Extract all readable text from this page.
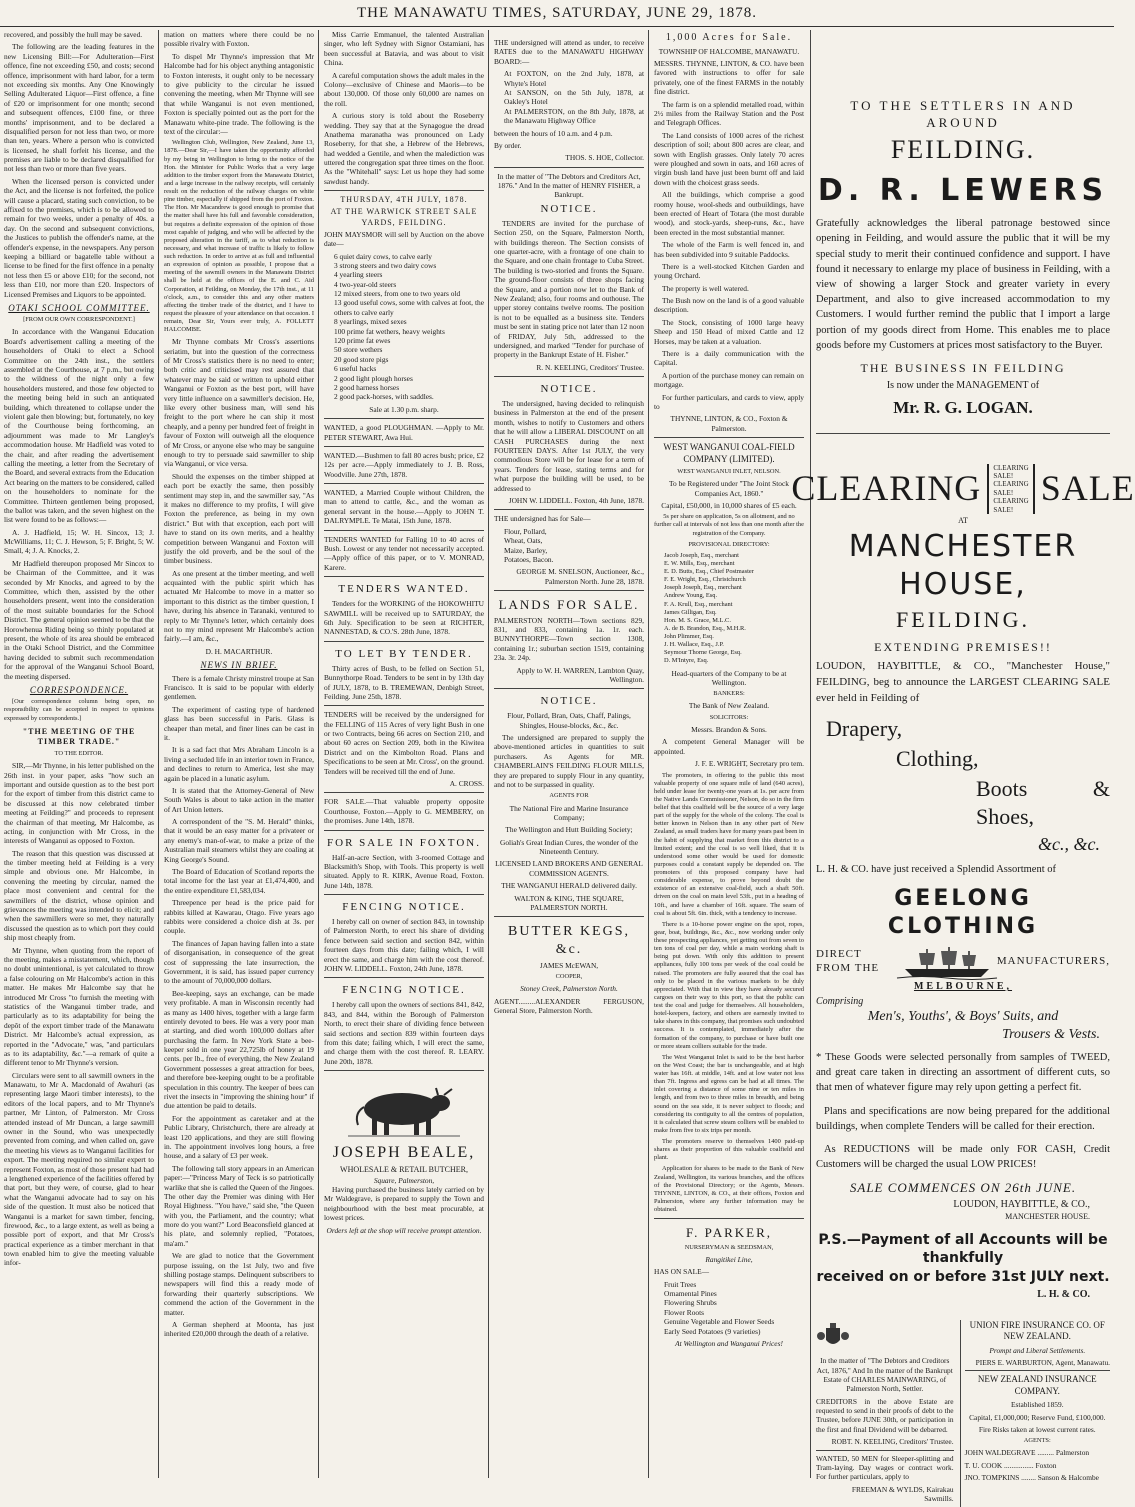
THE MANAWATU TIMES, SATURDAY, JUNE 29, 1878.

recovered, and possibly the hull may be saved.

The following are the leading features in the new Licensing Bill:—For Adulteration—First offence, fine not exceeding £50, and costs; second offence, imprisonment with hard labor, for a term not exceeding six months. Any One Knowingly Selling Adulterated Liquor—First offence, a fine of £20 or imprisonment for one month; second and subsequent offences, £100 fine, or three months' imprisonment, and to be declared a disqualified person for not less than two, or more than ten, years. Where a person who is convicted is licensed, he shall forfeit his license, and the premises are liable to be declared disqualified for not less than two or more than five years.

When the licensed person is convicted under the Act, and the license is not forfeited, the police will cause a placard, stating such conviction, to be affixed to the premises, which is to be allowed to remain for two weeks, under a penalty of 40s. a day. On the second and subsequent convictions, the Justices to publish the offender's name, at the offender's expense, in the newspapers. Any person keeping a billiard or bagatelle table without a license to be fined for the first offence in a penalty not less then £5 or above £10; for the second, not less than £10, nor more than £20. Inspectors of Licensed Premises and Liquors to be appointed.

OTAKI SCHOOL COMMITTEE.

[FROM OUR OWN CORRESPONDENT.]

In accordance with the Wanganui Education Board's advertisement calling a meeting of the householders of Otaki to elect a School Committee on the 24th inst., the settlers assembled at the Courthouse, at 7 p.m., but owing to the wildness of the night only a few householders mustered, and those few objected to the meeting being held in such an antiquated building, which threatened to collapse under the violent gale then blowing; but, fortunately, no key of the Courthouse being forthcoming, an adjournment was made to Mr Langley's accommodation house. Mr Hadfield was voted to the chair, and after reading the advertisement calling the meeting, a letter from the Secretary of the Board, and several extracts from the Education Act bearing on the matters to be considered, called on the householders to nominate for the Committee. Thirteen gentlemen being proposed, the ballot was taken, and the seven highest on the list were found to be as follows:—

A. J. Hadfield, 15; W. H. Sincox, 13; J. McWilliams, 11; C. J. Hewson, 5; F. Bright, 5; W. Small, 4; J. A. Knocks, 2.

Mr Hadfield thereupon proposed Mr Sincox to be Chairman of the Committee, and it was seconded by Mr Knocks, and agreed to by the Committee, which then, assisted by the other householders present, went into the consideration of the most suitable boundaries for the School District. The general opinion seemed to be that the Horowhenua Riding being so thinly populated at present, the whole of its area should be embraced in the Otaki School District, and the Committee having decided to submit such recommendation for the approval of the Wanganui School Board, the meeting dispersed.

CORRESPONDENCE.

[Our correspondence column being open, no responsibility can be accepted in respect to opinions expressed by correspondents.]

"THE MEETING OF THE TIMBER TRADE."

TO THE EDITOR.

SIR,—Mr Thynne, in his letter published on the 26th inst. in your paper, asks "how such an important and outside question as to the best port for the export of timber from this district came to be discussed at this now celebrated timber meeting at Feilding?" and proceeds to represent the chairman of that meeting, Mr Halcombe, as acting, in conjunction with Mr Cross, in the interests of Wanganui as opposed to Foxton.

The reason that this question was discussed at the timber meeting held at Feilding is a very simple and obvious one. Mr Halcombe, in convening the meeting by circular, named the place most convenient and central for the sawmillers of the district, whose opinion and grievances the meeting was intended to elicit; and when the sawmillers were so met, they naturally discussed the question as to which port they could ship most cheaply from.

Mr Thynne, when quoting from the report of the meeting, makes a misstatement, which, though no doubt unintentional, is yet calculated to throw a false colouring on Mr Halcombe's action in this matter. He makes Mr Halcombe say that he introduced Mr Cross "to furnish the meeting with statistics of the Wanganui timber trade, and particularly as to its adaptability for being the depôt of the export timber trade of the Manawatu District. Mr Halcombe's actual expression, as reported in the "Advocate," was, "and particulars as to its adaptability, &c."—a remark of quite a different tenor to Mr Thynne's version.

Circulars were sent to all sawmill owners in the Manawatu, to Mr A. Macdonald of Awahuri (as representing large Maori timber interests), to the editors of the local papers, and to Mr Thynne's partner, Mr Linton, of Palmerston. Mr Cross attended instead of Mr Duncan, a large sawmill owner in the Sound, who was unexpectedly prevented from coming, and when called on, gave the meeting his views as to Wanganui facilities for export. The meeting required no similar expert to represent Foxton, as most of those present had had a lengthened experience of the facilities offered by that port, but they were, of course, glad to hear what the Wanganui advocate had to say on his side of the question. It must also be noticed that Wanganui is a market for sawn timber, fencing, firewood, &c., to a large extent, as well as being a possible port of export, and that Mr Cross's practical experience as a timber merchant in that town enabled him to give the meeting valuable infor-

mation on matters where there could be no possible rivalry with Foxton.

To dispel Mr Thynne's impression that Mr Halcombe had for his object anything antagonistic to Foxton interests, it ought only to be necessary to give publicity to the circular he issued convening the meeting, when Mr Thynne will see that while Wanganui is not even mentioned, Foxton is specially pointed out as the port for the Manawatu white-pine trade. The following is the text of the circular:—

Wellington Club, Wellington, New Zealand, June 13, 1878.—Dear Sir,—I have taken the opportunity afforded by my being in Wellington to bring to the notice of the Hon. the Minister for Public Works that a very large addition to the timber export from the Manawatu District, and a large increase in the railway receipts, will certainly result on the reduction of the railway charges on white pine timber, especially if shipped from the port of Foxton. The Hon. Mr Macandrew is good enough to promise that the matter shall have his full and favorable consideration, but requires a definite expression of the opinion of those most capable of judging, and who will be affected by the proposed alteration in the tariff, as to what reduction is necessary, and what increase of traffic is likely to follow such reduction. In order to arrive at as full and influential an expression of opinion as possible, I propose that a meeting of the sawmill owners in the Manawatu District shall be held at the offices of the E. and C. Aid Corporation, at Feilding, on Monday, the 17th inst., at 11 o'clock, a.m., to consider this and any other matters affecting the timber trade of the district, and I have to request the pleasure of your attendance on that occasion. I remain, Dear Sir, Yours ever truly, A. FOLLETT HALCOMBE.

Mr Thynne combats Mr Cross's assertions seriatim, but into the question of the correctness of Mr Cross's statistics there is no need to enter; both critic and criticised may rest assured that whatever may be said or written to uphold either Wanganui or Foxton as the best port, will have very little influence on a sawmiller's decision. He, like every other business man, will send his freight to the port where he can ship it most cheaply, and a penny per hundred feet of freight in favour of Foxton will outweigh all the eloquence of Mr Cross, or anyone else who may be sanguine enough to try to persuade said sawmiller to ship via Wanganui, or vice versa.

Should the expenses on the timber shipped at each port be exactly the same, then possibly sentiment may step in, and the sawmiller say, "As it makes no difference to my profits, I will give Foxton the preference, as being in my own district." But with that exception, each port will have to stand on its own merits, and a healthy competition between Wanganui and Foxton will justify the old proverb, and be the soul of the timber business.

As one present at the timber meeting, and well acquainted with the public spirit which has actuated Mr Halcombe to move in a matter so important to this district as the timber question, I have, during his absence in Taranaki, ventured to reply to Mr Thynne's letter, which certainly does not to my mind represent Mr Halcombe's action fairly.—I am, &c.,

D. H. MACARTHUR.

NEWS IN BRIEF.

There is a female Christy minstrel troupe at San Francisco. It is said to be popular with elderly gentlemen.

The experiment of casting type of hardened glass has been successful in Paris. Glass is cheaper than metal, and finer lines can be cast in it.

It is a sad fact that Mrs Abraham Lincoln is a living a secluded life in an interior town in France, and declines to return to America, lest she may again be placed in a lunatic asylum.

It is stated that the Attorney-General of New South Wales is about to take action in the matter of Art Union letters.

A correspondent of the "S. M. Herald" thinks, that it would be an easy matter for a privateer or any enemy's man-of-war, to make a prize of the Australian mail steamers whilst they are coaling at King George's Sound.

The Board of Education of Scotland reports the total income for the last year at £1,474,400, and the entire expenditure £1,583,034.

Threepence per head is the price paid for rabbits killed at Kawarau, Otago. Five years ago rabbits were considered a choice dish at 3s. per couple.

The finances of Japan having fallen into a state of disorganisation, in consequence of the great cost of suppressing the late insurrection, the Government, it is said, has issued paper currency to the amount of 70,000,000 dollars.

Bee-keeping, says an exchange, can be made very profitable. A man in Wisconsin recently had as many as 1400 hives, together with a large farm entirely devoted to bees. He was a very poor man at starting, and died worth 100,000 dollars after purchasing the farm. In New York State a bee-keeper sold in one year 22,725lb of honey at 19 cents. per lb., free of everything, the New Zealand Government possesses a great attraction for bees, and therefore bee-keeping ought to be a profitable speculation in this country. The keeper of bees can rivet the insects in "improving the shining hour" if due attention be paid to details.

For the appointment as caretaker and at the Public Library, Christchurch, there are already at least 120 applications, and they are still flowing in. The appointment involves long hours, a free house, and a salary of £3 per week.

The following tall story appears in an American paper:—"Princess Mary of Teck is so patriotically warlike that she is called the Queen of the Jingoes. The other day the Premier was dining with Her Royal Highness. "You have," said she, "the Queen with you, the Parliament, and the country; what more do you want?" Lord Beaconsfield glanced at his plate, and solemnly replied, "Potatoes, ma'am."

We are glad to notice that the Government purpose issuing, on the 1st July, two and five shilling postage stamps. Delinquent subscribers to newspapers will find this a ready mode of forwarding their quarterly subscriptions. We commend the action of the Government in the matter.

A German shepherd at Moonta, has just inherited £20,000 through the death of a relative.

Miss Carrie Emmanuel, the talented Australian singer, who left Sydney with Signor Ostamiani, has been successful at Batavia, and was about to visit China.

A careful computation shows the adult males in the Colony—exclusive of Chinese and Maoris—to be about 130,000. Of those only 60,000 are names on the roll.

A curious story is told about the Roseberry wedding. They say that at the Synagogue the dread Anathema maranatha was pronounced on Lady Roseberry, for that she, a Hebrew of the Hebrews, had wedded a Gentile, and when the malediction was uttered the congregation spat three times on the floor. As the "Whitehall" says: Let us hope they had some sawdust handy.

THURSDAY, 4TH JULY, 1878.
AT THE WARWICK STREET SALE YARDS, FEILDING.

JOHN MAYSMOR will sell by Auction on the above date—

6 quiet dairy cows, to calve early
3 strong steers and two dairy cows
4 yearling steers
4 two-year-old steers
12 mixed steers, from one to two years old
13 good useful cows, some with calves at foot, the others to calve early
8 yearlings, mixed sexes
100 prime fat wethers, heavy weights
120 prime fat ewes
50 store wethers
20 good store pigs
6 useful hacks
2 good light plough horses
2 good harness horses
2 good pack-horses, with saddles.

Sale at 1.30 p.m. sharp.

WANTED, a good PLOUGHMAN. —Apply to Mr. PETER STEWART, Awa Hui.

WANTED.—Bushmen to fall 80 acres bush; price, £2 12s per acre.—Apply immediately to J. B. Ross, Woodville. June 27th, 1878.

WANTED, a Married Couple without Children, the man to attend to cattle, &c., and the woman as general servant in the house.—Apply to JOHN T. DALRYMPLE. Te Matai, 15th June, 1878.

TENDERS WANTED for Falling 10 to 40 acres of Bush. Lowest or any tender not necessarily accepted. —Apply office of this paper, or to V. MONRAD, Karere.

TENDERS WANTED.

Tenders for the WORKING of the HOKOWHITU SAWMILL will be received up to SATURDAY, the 6th July. Specification to be seen at RICHTER, NANNESTAD, & CO.'S. 28th June, 1878.

TO LET BY TENDER.

Thirty acres of Bush, to be felled on Section 51, Bunnythorpe Road. Tenders to be sent in by 13th day of JULY, 1878, to B. TREMEWAN, Denbigh Street, Feilding. June 25th, 1878.

TENDERS will be received by the undersigned for the FELLING of 115 Acres of very light Bush in one or two Contracts, being 66 acres on Section 210, and about 60 acres on Section 209, both in the Kiwitea District and on the Kimbolton Road. Plans and Specifications to be seen at Mr. Cross', on the ground. Tenders will be received till the end of June.

A. CROSS.

FOR SALE.—That valuable property opposite Courthouse, Foxton.—Apply to G. MEMBERY, on the promises. June 14th, 1878.

FOR SALE IN FOXTON.

Half-an-acre Section, with 3-roomed Cottage and Blacksmith's Shop, with Tools. This property is well situated. Apply to R. KIRK, Avenue Road, Foxton. June 14th, 1878.

FENCING NOTICE.

I hereby call on owner of section 843, in township of Palmerston North, to erect his share of dividing fence between said section and section 842, within fourteen days from this date; failing which, I will erect the same, and charge him with the cost thereof. JOHN W. LIDDELL. Foxton, 24th June, 1878.

FENCING NOTICE.

I hereby call upon the owners of sections 841, 842, 843, and 844, within the Borough of Palmerston North, to erect their share of dividing fence between said sections and section 839 within fourteen days from this date; failing which, I will erect the same, and charge them with the cost thereof. R. LEARY. June 20th, 1878.

JOSEPH BEALE,
WHOLESALE & RETAIL BUTCHER,
Square, Palmerston,

Having purchased the business lately carried on by Mr Waldegrave, is prepared to supply the Town and neighbourhood with the best meat procurable, at lowest prices.

Orders left at the shop will receive prompt attention.

THE undersigned will attend as under, to receive RATES due to the MANAWATU HIGHWAY BOARD:—

At FOXTON, on the 2nd July, 1878, at Whyte's Hotel
At SANSON, on the 5th July, 1878, at Oakley's Hotel
At PALMERSTON, on the 8th July, 1878, at the Manawatu Highway Office

between the hours of 10 a.m. and 4 p.m.

By order.

THOS. S. HOE, Collector.

In the matter of "The Debtors and Creditors Act, 1876." And In the matter of HENRY FISHER, a Bankrupt.

NOTICE.

TENDERS are invited for the purchase of Section 250, on the Square, Palmerston North, with buildings thereon. The Section consists of one quarter-acre, with a frontage of one chain to the Square, and one chain frontage to Cuba Street. The building is two-storied and fronts the Square. The ground-floor consists of three shops facing the Square, and a portion now let to the Bank of New Zealand; also, four rooms and outhouse. The upper storey contains twelve rooms. The position is not to be equalled as a business site. Tenders must be sent in stating price not later than 12 noon of FRIDAY, July 5th, addressed to the undersigned, and marked "Tender for purchase of property in the Bankrupt Estate of H. Fisher."

R. N. KEELING, Creditors' Trustee.

NOTICE.

The undersigned, having decided to relinquish business in Palmerston at the end of the present month, wishes to notify to Customers and others that he will allow a LIBERAL DISCOUNT on all CASH PURCHASES during the next FOURTEEN DAYS. After 1st JULY, the very commodious Store will be for lease for a term of years. Tenders for lease, stating terms and for what purpose the building will be used, to be addressed to

JOHN W. LIDDELL. Foxton, 4th June, 1878.

THE undersigned has for Sale—

Flour, Pollard,
Wheat, Oats,
Maize, Barley,
Potatoes, Bacon.

GEORGE M. SNELSON, Auctioneer, &c., Palmerston North. June 28, 1878.

LANDS FOR SALE.

PALMERSTON NORTH—Town sections 829, 831, and 833, containing 1a. 1r. each. BUNNYTHORPE—Town section 1308, containing 1r.; suburban section 1519, containing 23a. 3r. 24p.

Apply to W. H. WARREN, Lambton Quay, Wellington.

NOTICE.

Flour, Pollard, Bran, Oats, Chaff, Palings, Shingles, House-blocks, &c., &c.

The undersigned are prepared to supply the above-mentioned articles in quantities to suit purchasers. As Agents for MR. CHAMBERLAIN'S FEILDING FLOUR MILLS, they are prepared to supply Flour in any quantity, and not to be surpassed in quality.

AGENTS FOR

The National Fire and Marine Insurance Company;

The Wellington and Hutt Building Society;

Goliah's Great Indian Cures, the wonder of the Nineteenth Century.

LICENSED LAND BROKERS AND GENERAL COMMISSION AGENTS.

THE WANGANUI HERALD delivered daily.

WALTON & KING, THE SQUARE, PALMERSTON NORTH.

BUTTER KEGS, &c.

JAMES McEWAN,

COOPER,

Stoney Creek, Palmerston North.

AGENT.........ALEXANDER FERGUSON, General Store, Palmerston North.

1,000 Acres for Sale.

TOWNSHIP OF HALCOMBE, MANAWATU.

MESSRS. THYNNE, LINTON, & CO. have been favored with instructions to offer for sale privately, one of the finest FARMS in the notably fine district.

The farm is on a splendid metalled road, within 2½ miles from the Railway Station and the Post and Telegraph Offices.

The Land consists of 1000 acres of the richest description of soil; about 800 acres are clear, and sown with English grasses. Only lately 70 acres were ploughed and sown in oats, and 160 acres of virgin bush land have just been burnt off and laid down with the choicest grass seeds.

All the buildings, which comprise a good roomy house, wool-sheds and outbuildings, have been erected of Heart of Totara (the most durable wood), and stock-yards, sheep-runs, &c., have been erected in the most substantial manner.

The whole of the Farm is well fenced in, and has been subdivided into 9 suitable Paddocks.

There is a well-stocked Kitchen Garden and young Orchard.

The property is well watered.

The Bush now on the land is of a good valuable description.

The Stock, consisting of 1000 large heavy Sheep and 150 Head of mixed Cattle and 12 Horses, may be taken at a valuation.

There is a daily communication with the Capital.

A portion of the purchase money can remain on mortgage.

For further particulars, and cards to view, apply to

THYNNE, LINTON, & CO., Foxton & Palmerston.

WEST WANGANUI COAL-FIELD COMPANY (LIMITED).

WEST WANGANUI INLET, NELSON.

To be Registered under "The Joint Stock Companies Act, 1860."

Capital, £50,000, in 10,000 shares of £5 each.

5s per share on application, 5s on allotment, and no further call at intervals of not less than one month after the registration of the Company.

PROVISIONAL DIRECTORY:

Jacob Joseph, Esq., merchant
E. W. Mills, Esq., merchant
E. D. Butts, Esq., Chief Postmaster
F. E. Wright, Esq., Christchurch
Joseph Joseph, Esq., merchant
Andrew Young, Esq.
F. A. Krull, Esq., merchant
James Gilligan, Esq.
Hon. M. S. Grace, M.L.C.
A. de B. Brandon, Esq., M.H.R.
John Plimmer, Esq.
J. H. Wallace, Esq., J.P.
Seymour Thorne George, Esq.
D. M'Intyre, Esq.

Head-quarters of the Company to be at Wellington.

BANKERS:

The Bank of New Zealand.

SOLICITORS:

Messrs. Brandon & Sons.

A competent General Manager will be appointed.

J. F. E. WRIGHT, Secretary pro tem.

The promoters, in offering to the public this most valuable property of one square mile of land (640 acres), held under lease for twenty-one years at 1s. per acre from the Native Lands Commissioner, Nelson, do so in the firm belief that this coalfield will be the source of a very large part of the supply for the whole of the colony. The coal is better known in Nelson than in any other part of New Zealand, as small traders have for many years past been in the habit of supplying that market from this district to a limited extent; and the coal is so well liked, that it is understood some other would be used for domestic purposes could a constant supply be depended on. The promoters of this proposed company have had considerable expense, to prove beyond doubt the existence of an extensive coal-field, such a shaft 50ft. driven on the coal on main level 53ft., put in a heading of 10ft., and have a chamber of 16ft. square. The seam of coal is about 5ft. 6in. thick, with a tendency to increase.

There is a 10-horse power engine on the spot, ropes, gear, boat, buildings, &c., &c., now working under only these prospecting appliances, yet getting out from seven to ten tons of coal per day, while a main working shaft is being put down. With only this addition to present appliances, fully 100 tons per week of the coal could be raised. The promoters are fully assured that the coal has only to be placed in the various markets to be duly appreciated. With that in view they have already secured cargoes on their way to this port, so that the public can test the coal and judge for themselves. All householders, hotel-keepers, factory, and others are earnestly invited to take shares in this company, that promises such undoubted success. It is contemplated, immediately after the formation of the company, to purchase or have built one or more steam colliers suitable for the trade.

The West Wanganui Inlet is said to be the best harbor on the West Coast; the bar is unchangeable, and at high water has 16ft. at middle, 14ft. and at low water not less than 7ft. Ingress and egress can be had at all times. The inlet covering a distance of some nine or ten miles in length, and from two to three miles in breadth, and being sound on the sea side, it is never subject to floods; and considering its contiguity to all the centres of population, it is calculated that screw steam colliers will be enabled to make from five to six trips per month.

The promoters reserve to themselves 1400 paid-up shares as their proportion of this valuable coalfield and plant.

Application for shares to be made to the Bank of New Zealand, Wellington, its various branches, and the offices of the Provisional Directory; or the Agents, Messrs. THYNNE, LINTON, & CO., at their offices, Foxton and Palmerston, where any further information may be obtained.

F. PARKER,

NURSERYMAN & SEEDSMAN,

Rangitikei Line,

HAS ON SALE—

Fruit Trees
Ornamental Pines
Flowering Shrubs
Flower Roots
Genuine Vegetable and Flower Seeds
Early Seed Potatoes (9 varieties)

At Wellington and Wanganui Prices!

TO THE SETTLERS IN AND AROUND
FEILDING.
D. R. LEWERS

Gratefully acknowledges the liberal patronage bestowed since opening in Feilding, and would assure the public that it will be my special study to merit their continued confidence and support. I have found it necessary to enlarge my place of business in Feilding, with a view of showing a larger Stock and greater variety in every Department, and also to give increased accommodation to my Customers. I would further remind the public that I import a large portion of my goods direct from Home. This enables me to place goods before my Customers at prices most satisfactory to the Buyer.

THE BUSINESS IN FEILDING
Is now under the MANAGEMENT of
Mr. R. G. LOGAN.
CLEARING
CLEARING SALE!
CLEARING SALE!
CLEARING SALE!
SALE
AT
MANCHESTER HOUSE,
FEILDING.
EXTENDING PREMISES!!

LOUDON, HAYBITTLE, & CO., "Manchester House," FEILDING, beg to announce the LARGEST CLEARING SALE ever held in Feilding of

Drapery,
Clothing,
Boots & Shoes,
&c., &c.

L. H. & CO. have just received a Splendid Assortment of

GEELONG CLOTHING
DIRECT FROM THE
MANUFACTURERS,
MELBOURNE,
Comprising
Men's, Youths', & Boys' Suits, and
Trousers & Vests.

* These Goods were selected personally from samples of TWEED, and great care taken in directing an assortment of different cuts, so that men of whatever figure may rely upon getting a perfect fit.

Plans and specifications are now being prepared for the additional buildings, when complete Tenders will be called for their erection.

As REDUCTIONS will be made only FOR CASH, Credit Customers will be charged the usual LOW PRICES!

SALE COMMENCES ON 26th JUNE.
LOUDON, HAYBITTLE, & CO.,
MANCHESTER HOUSE.
P.S.—Payment of all Accounts will be thankfully
received on or before 31st JULY next.
L. H. & CO.

In the matter of "The Debtors and Creditors Act, 1876," And In the matter of the Bankrupt Estate of CHARLES MAINWARING, of Palmerston North, Settler.

CREDITORS in the above Estate are requested to send in their proofs of debt to the Trustee, before JUNE 30th, or participation in the first and final Dividend will be debarred.

ROBT. N. KEELING, Creditors' Trustee.

WANTED, 50 MEN for Sleeper-splitting and Tram-laying. Day wages or contract work. For further particulars, apply to

FREEMAN & WYLDS, Kairakau Sawmills.

UNION FIRE INSURANCE CO. OF NEW ZEALAND.

Prompt and Liberal Settlements.

PIERS E. WARBURTON, Agent, Manawatu.

NEW ZEALAND INSURANCE COMPANY.

Established 1859.

Capital, £1,000,000; Reserve Fund, £100,000.

Fire Risks taken at lowest current rates.

AGENTS:

JOHN WALDEGRAVE ......... Palmerston

T. U. COOK ................ Foxton

JNO. TOMPKINS ........ Sanson & Halcombe
